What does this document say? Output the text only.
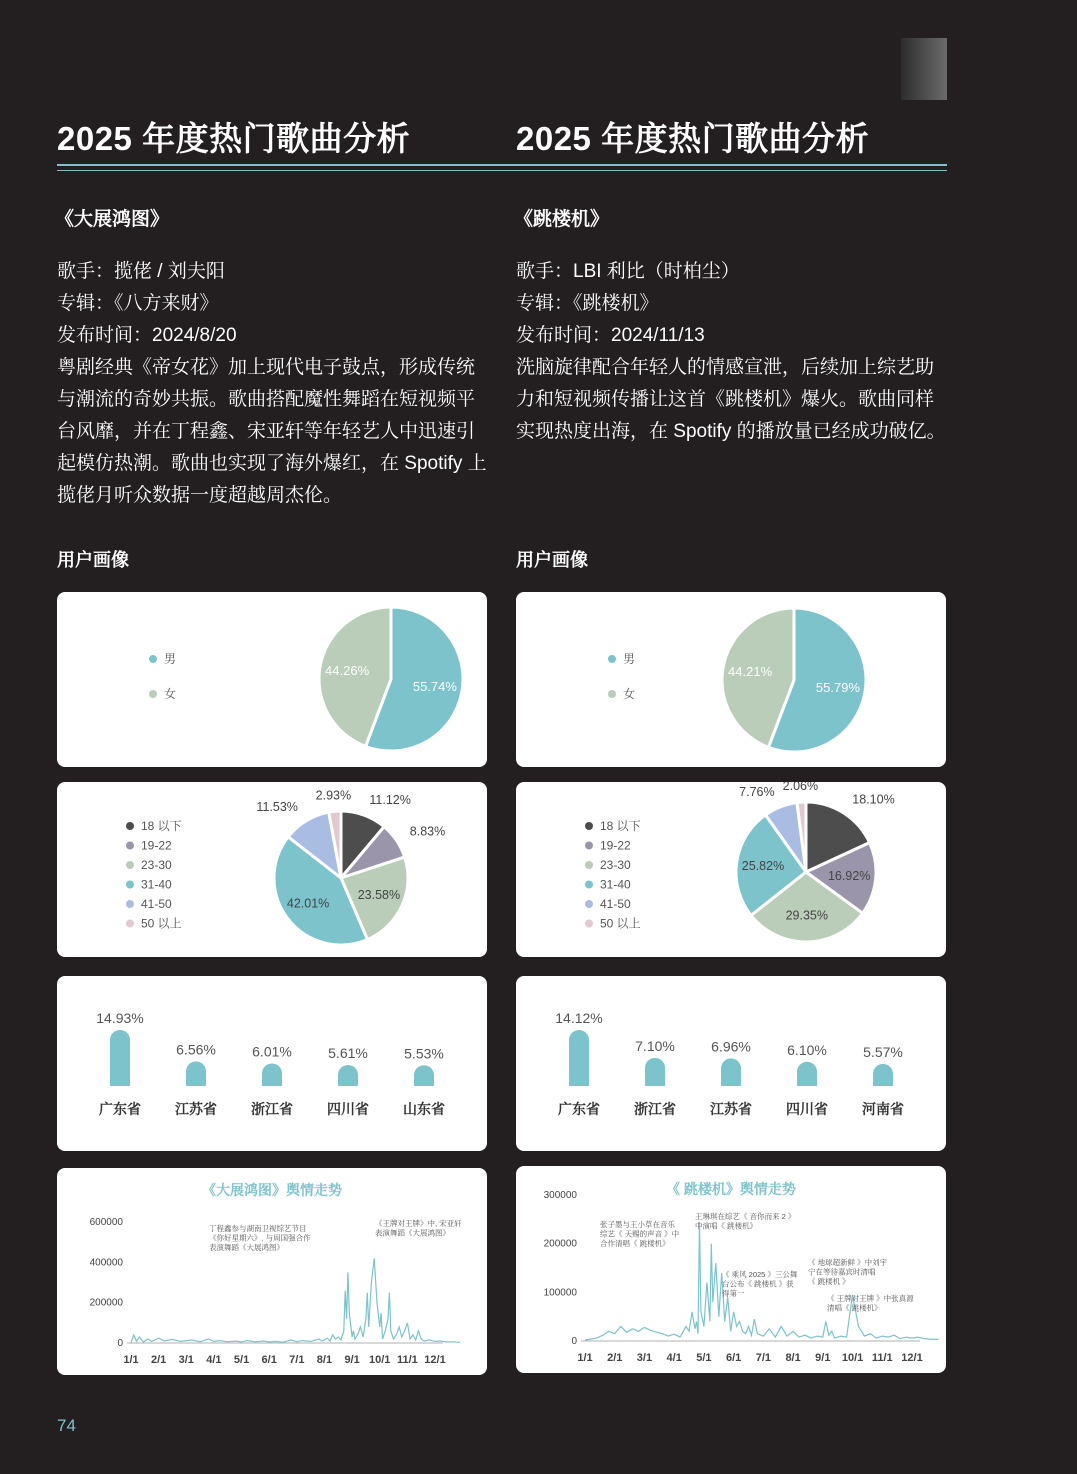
2025 年度热门歌曲分析	2025 年度热门歌曲分析
《大展鸿图》

歌手：揽佬 / 刘夫阳

专辑：《八方来财》

发布时间：2024/8/20

粤剧经典《帝女花》加上现代电子鼓点，形成传统与潮流的奇妙共振。歌曲搭配魔性舞蹈在短视频平台风靡，并在丁程鑫、宋亚轩等年轻艺人中迅速引起模仿热潮。歌曲也实现了海外爆红，在 Spotify 上揽佬月听众数据一度超越周杰伦。

用户画像
《跳楼机》

歌手：LBI 利比（时柏尘）

专辑：《跳楼机》

发布时间：2024/11/13

洗脑旋律配合年轻人的情感宣泄，后续加上综艺助力和短视频传播让这首《跳楼机》爆火。歌曲同样实现热度出海，在 Spotify 的播放量已经成功破亿。

用户画像
55.74%
44.26%
男
女	55.79%
44.21%
男
女
11.12%
8.83%
23.58%
42.01%
11.53%
2.93%
18 以下
19-22
23-30
31-40
41-50
50 以上
18.10%
16.92%
29.35%
25.82%
7.76% 2.06%
18 以下
19-22
23-30
31-40
41-50
50 以上
14.93%
广东省
6.56%
江苏省
6.01%
浙江省
5.61%
四川省
5.53%
山东省
14.12%
广东省
7.10%
浙江省
6.96%
江苏省
6.10%
四川省
5.57%
河南省
《大展鸿图》舆情走势
600000
400000
200000
0
1/1 2/1 3/1 4/1 5/1 6/1 7/1 8/1 9/1 10/1 11/1 12/1
丁程鑫参与湖南卫视综艺节目
《你好星期六》, 与周国强合作
表演舞蹈《大展鸿图》
《王牌对王牌》中, 宋亚轩
表演舞蹈《大展鸿图》
《 跳楼机》舆情走势
300000
200000
100000
0
1/1 2/1 3/1 4/1 5/1 6/1 7/1 8/1 9/1 10/1 11/1 12/1
张子墨与王小草在音乐
综艺《 天赐的声音 》中
合作清唱《 跳楼机》
王琳琪在综艺《 音你而来 2 》
中演唱《 跳楼机》
《 乘风 2025 》三公舞
台公布《 跳楼机 》获
得第一
《 地球超新鲜 》中刘宇
宁在等待嘉宾时清唱
《 跳楼机 》
《 王牌对王牌 》中张真源
清唱《 跳楼机》
74
